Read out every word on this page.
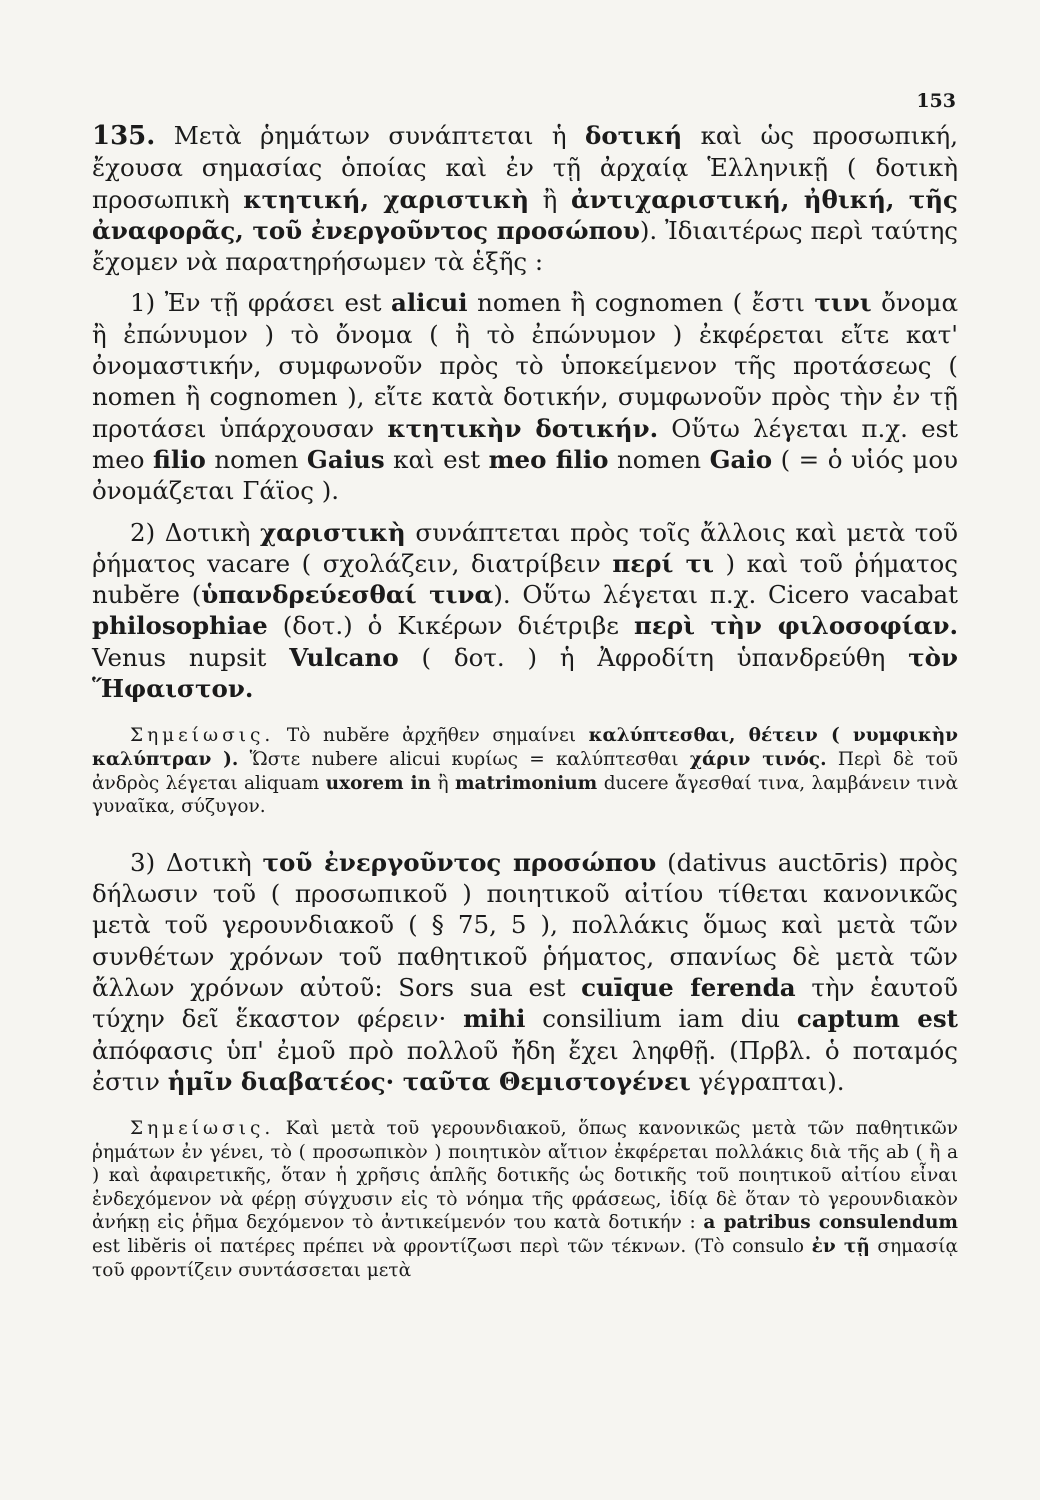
153

135. Μετὰ ῥημάτων συνάπτεται ἡ δοτική καὶ ὡς προσωπική, ἔχουσα σημασίας ὁποίας καὶ ἐν τῇ ἀρχαίᾳ Ἑλληνικῇ ( δοτικὴ προσωπικὴ κτητική, χαριστικὴ ἢ ἀντιχαριστική, ἠθική, τῆς ἀναφορᾶς, τοῦ ἐνεργοῦντος προσώπου). Ἰδιαιτέρως περὶ ταύτης ἔχομεν νὰ παρατηρήσωμεν τὰ ἑξῆς :

1) Ἐν τῇ φράσει est alicui nomen ἢ cognomen ( ἔστι τινι ὄνομα ἢ ἐπώνυμον ) τὸ ὄνομα ( ἢ τὸ ἐπώνυμον ) ἐκφέρεται εἴτε κατ' ὀνομαστικήν, συμφωνοῦν πρὸς τὸ ὑποκείμενον τῆς προτάσεως ( nomen ἢ cognomen ), εἴτε κατὰ δοτικήν, συμφωνοῦν πρὸς τὴν ἐν τῇ προτάσει ὑπάρχουσαν κτητικὴν δοτικήν. Οὕτω λέγεται π.χ. est meo filio nomen Gaius καὶ est meo filio nomen Gaio ( = ὁ υἱός μου ὀνομάζεται Γάϊος ).

2) Δοτικὴ χαριστικὴ συνάπτεται πρὸς τοῖς ἄλλοις καὶ μετὰ τοῦ ῥήματος vacare ( σχολάζειν, διατρίβειν περί τι ) καὶ τοῦ ῥήματος nubĕre (ὑπανδρεύεσθαί τινα). Οὕτω λέγεται π.χ. Cicero vacabat philosophiae (δοτ.) ὁ Κικέρων διέτριβε περὶ τὴν φιλοσοφίαν. Venus nupsit Vulcano ( δοτ. ) ἡ Ἀφροδίτη ὑπανδρεύθη τὸν Ἥφαιστον.

Σημείωσις. Τὸ nubĕre ἀρχῆθεν σημαίνει καλύπτεσθαι, θέτειν ( νυμφικὴν καλύπτραν ). Ὥστε nubere alicui κυρίως = καλύπτεσθαι χάριν τινός. Περὶ δὲ τοῦ ἀνδρὸς λέγεται aliquam uxorem in ἢ matrimonium ducere ἄγεσθαί τινα, λαμβάνειν τινὰ γυναῖκα, σύζυγον.

3) Δοτικὴ τοῦ ἐνεργοῦντος προσώπου (dativus auctōris) πρὸς δήλωσιν τοῦ ( προσωπικοῦ ) ποιητικοῦ αἰτίου τίθεται κανονικῶς μετὰ τοῦ γερουνδιακοῦ ( § 75, 5 ), πολλάκις ὅμως καὶ μετὰ τῶν συνθέτων χρόνων τοῦ παθητικοῦ ῥήματος, σπανίως δὲ μετὰ τῶν ἄλλων χρόνων αὐτοῦ: Sors sua est cuīque ferenda τὴν ἑαυτοῦ τύχην δεῖ ἕκαστον φέρειν· mihi consilium iam diu captum est ἀπόφασις ὑπ' ἐμοῦ πρὸ πολλοῦ ἤδη ἔχει ληφθῇ. (Πρβλ. ὁ ποταμός ἐστιν ἡμῖν διαβατέος· ταῦτα Θεμιστογένει γέγραπται).

Σημείωσις. Καὶ μετὰ τοῦ γερουνδιακοῦ, ὅπως κανονικῶς μετὰ τῶν παθητικῶν ῥημάτων ἐν γένει, τὸ ( προσωπικὸν ) ποιητικὸν αἴτιον ἐκφέρεται πολλάκις διὰ τῆς ab ( ἢ a ) καὶ ἀφαιρετικῆς, ὅταν ἡ χρῆσις ἁπλῆς δοτικῆς ὡς δοτικῆς τοῦ ποιητικοῦ αἰτίου εἶναι ἐνδεχόμενον νὰ φέρῃ σύγχυσιν εἰς τὸ νόημα τῆς φράσεως, ἰδίᾳ δὲ ὅταν τὸ γερουνδιακὸν ἀνήκῃ εἰς ῥῆμα δεχόμενον τὸ ἀντικείμενόν του κατὰ δοτικήν : a patribus consulendum est libĕris οἱ πατέρες πρέπει νὰ φροντίζωσι περὶ τῶν τέκνων. (Τὸ consulo ἐν τῇ σημασίᾳ τοῦ φροντίζειν συντάσσεται μετὰ
